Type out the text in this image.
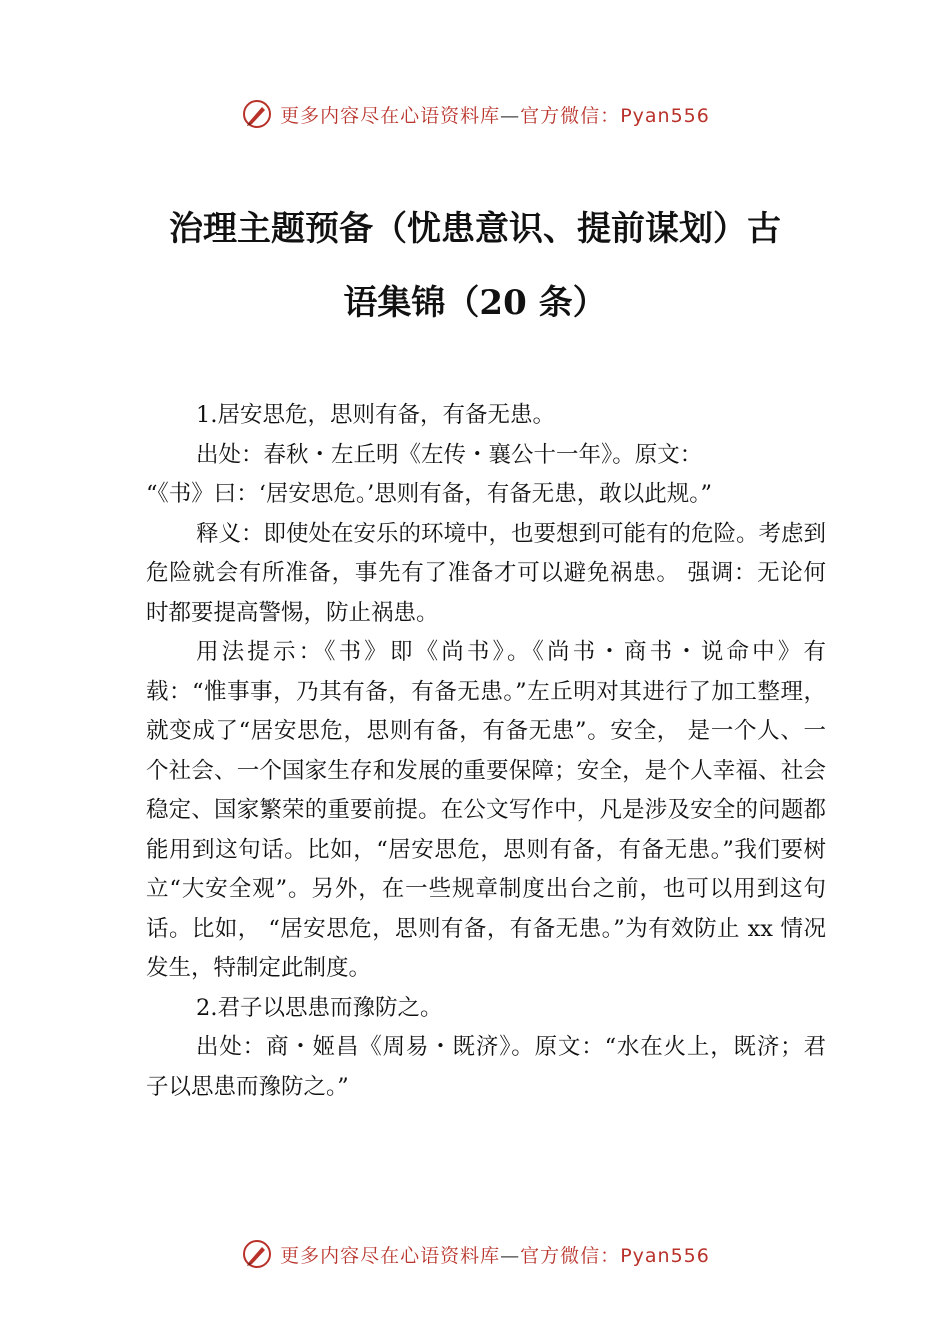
更多内容尽在心语资料库—官方微信：Pyan556
治理主题预备（忧患意识、提前谋划）古
语集锦（20 条）

1.居安思危，思则有备，有备无患。

出处：春秋・左丘明《左传・襄公十一年》。原文：

“《书》曰：‘居安思危。’思则有备，有备无患，敢以此规。”

释义：即使处在安乐的环境中，也要想到可能有的危险。考虑到危险就会有所准备，事先有了准备才可以避免祸患。 强调：无论何时都要提高警惕，防止祸患。

用法提示：《书》即《尚书》。《尚书・商书・说命中》有载：“惟事事，乃其有备，有备无患。”左丘明对其进行了加工整理，就变成了“居安思危，思则有备，有备无患”。安全， 是一个人、一个社会、一个国家生存和发展的重要保障；安全，是个人幸福、社会稳定、国家繁荣的重要前提。在公文写作中，凡是涉及安全的问题都能用到这句话。比如，“居安思危，思则有备，有备无患。”我们要树立“大安全观”。另外，在一些规章制度出台之前，也可以用到这句话。比如， “居安思危，思则有备，有备无患。”为有效防止 xx 情况发生，特制定此制度。

2.君子以思患而豫防之。

出处：商・姬昌《周易・既济》。原文：“水在火上，既济；君子以思患而豫防之。”

更多内容尽在心语资料库—官方微信：Pyan556
